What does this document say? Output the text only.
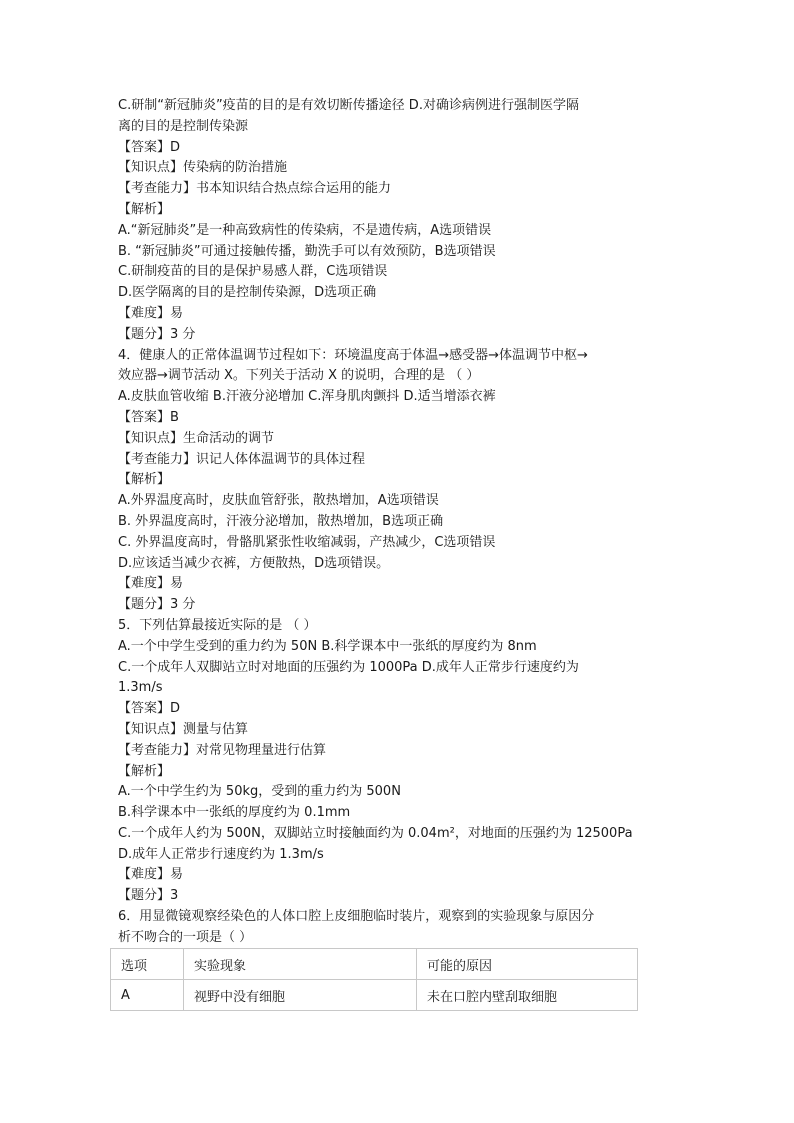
C.研制“新冠肺炎”疫苗的目的是有效切断传播途径 D.对确诊病例进行强制医学隔
离的目的是控制传染源
【答案】D
【知识点】传染病的防治措施
【考查能力】书本知识结合热点综合运用的能力
【解析】
A.“新冠肺炎”是一种高致病性的传染病，不是遗传病，A选项错误
B. “新冠肺炎”可通过接触传播，勤洗手可以有效预防，B选项错误
C.研制疫苗的目的是保护易感人群，C选项错误
D.医学隔离的目的是控制传染源，D选项正确
【难度】易
【题分】3 分
4．健康人的正常体温调节过程如下：环境温度高于体温→感受器→体温调节中枢→
效应器→调节活动 X。下列关于活动 X 的说明，合理的是 （ ）
A.皮肤血管收缩 B.汗液分泌增加 C.浑身肌肉颤抖 D.适当增添衣裤
【答案】B
【知识点】生命活动的调节
【考查能力】识记人体体温调节的具体过程
【解析】
A.外界温度高时，皮肤血管舒张，散热增加，A选项错误
B. 外界温度高时，汗液分泌增加，散热增加，B选项正确
C. 外界温度高时，骨骼肌紧张性收缩减弱，产热减少，C选项错误
D.应该适当减少衣裤，方便散热，D选项错误。
【难度】易
【题分】3 分
5．下列估算最接近实际的是 （ ）
A.一个中学生受到的重力约为 50N B.科学课本中一张纸的厚度约为 8nm
C.一个成年人双脚站立时对地面的压强约为 1000Pa D.成年人正常步行速度约为
1.3m/s
【答案】D
【知识点】测量与估算
【考查能力】对常见物理量进行估算
【解析】
A.一个中学生约为 50kg，受到的重力约为 500N
B.科学课本中一张纸的厚度约为 0.1mm
C.一个成年人约为 500N，双脚站立时接触面约为 0.04m²，对地面的压强约为 12500Pa
D.成年人正常步行速度约为 1.3m/s
【难度】易
【题分】3
6．用显微镜观察经染色的人体口腔上皮细胞临时装片，观察到的实验现象与原因分
析不吻合的一项是（ ）
选项	实验现象	可能的原因
A	视野中没有细胞	未在口腔内壁刮取细胞
